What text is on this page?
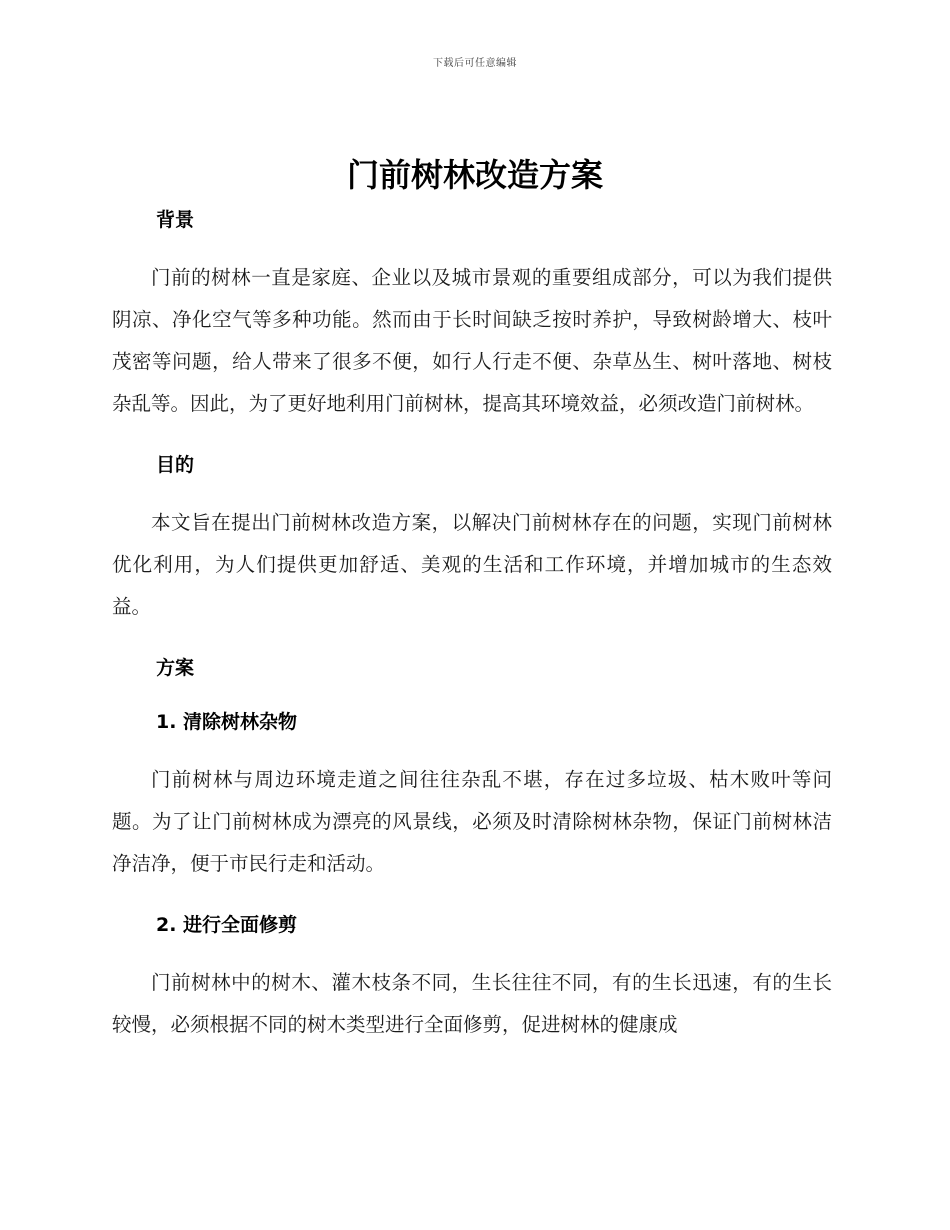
下载后可任意编辑
门前树林改造方案
背景

门前的树林一直是家庭、企业以及城市景观的重要组成部分，可以为我们提供阴凉、净化空气等多种功能。然而由于长时间缺乏按时养护，导致树龄增大、枝叶茂密等问题，给人带来了很多不便，如行人行走不便、杂草丛生、树叶落地、树枝杂乱等。因此，为了更好地利用门前树林，提高其环境效益，必须改造门前树林。

目的

本文旨在提出门前树林改造方案，以解决门前树林存在的问题，实现门前树林优化利用，为人们提供更加舒适、美观的生活和工作环境，并增加城市的生态效益。

方案
1. 清除树林杂物

门前树林与周边环境走道之间往往杂乱不堪，存在过多垃圾、枯木败叶等问题。为了让门前树林成为漂亮的风景线，必须及时清除树林杂物，保证门前树林洁净洁净，便于市民行走和活动。

2. 进行全面修剪

门前树林中的树木、灌木枝条不同，生长往往不同，有的生长迅速，有的生长较慢，必须根据不同的树木类型进行全面修剪，促进树林的健康成
